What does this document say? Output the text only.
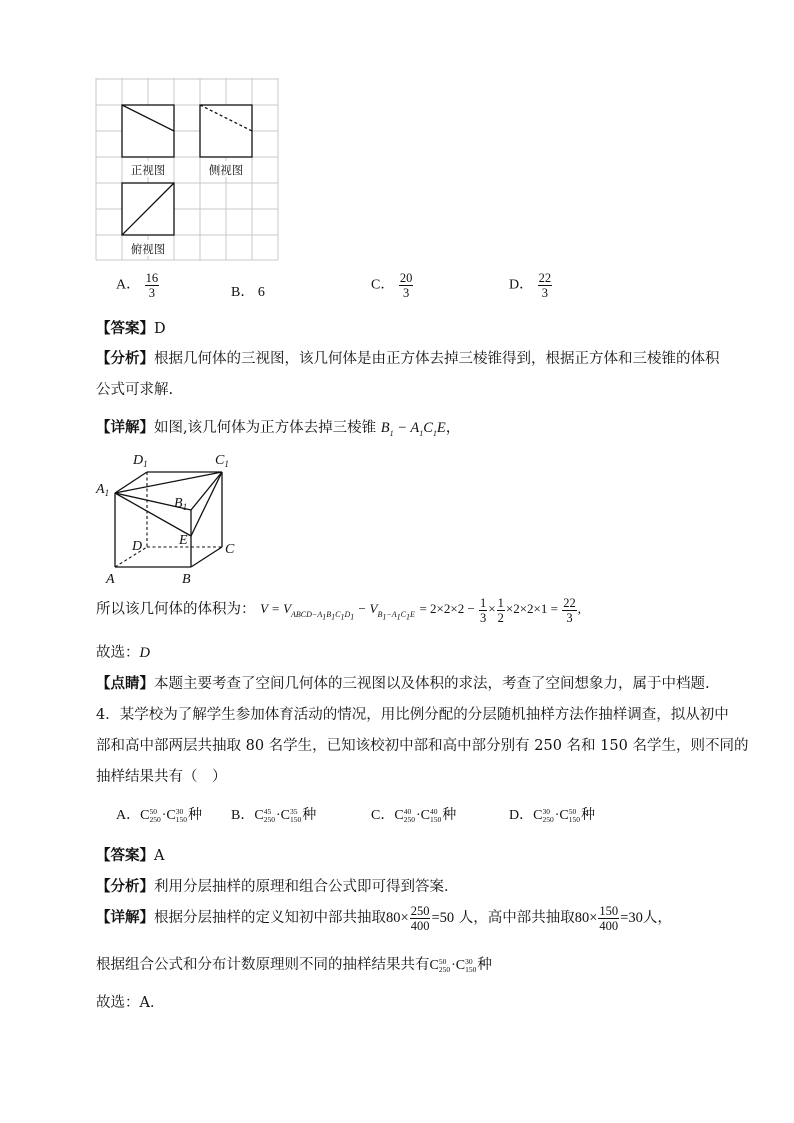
正视图	侧视图
俯视图
A． $\frac{16}{3}$	B． 6	C． $\frac{20}{3}$	D． $\frac{22}{3}$
【答案】D
【分析】根据几何体的三视图，该几何体是由正方体去掉三棱锥得到，根据正方体和三棱锥的体积
公式可求解.
【详解】如图,该几何体为正方体去掉三棱锥 $B_1 - A_1C_1E$，
$D_1$	$C_1$
$A_1$
$B_1$
D	E
C
A	B
所以该几何体的体积为： $V = V_{ABCD-A_1B_1C_1D_1} - V_{B_1-A_1C_1E} = 2\times 2\times 2 - \frac{1}{3} \times \frac{1}{2} \times 2\times 2\times 1 = \frac{22}{3}$ ,
故选：D
【点睛】本题主要考查了空间几何体的三视图以及体积的求法，考查了空间想象力，属于中档题.
4．某学校为了解学生参加体育活动的情况，用比例分配的分层随机抽样方法作抽样调查，拟从初中
部和高中部两层共抽取 80 名学生，已知该校初中部和高中部分别有 250 名和 150 名学生，则不同的
抽样结果共有（　）
A．C 50
250 ·C 30
150 种 B．C 45
250 ·C 35
150 种	C．C 40
250 ·C 40
150 种	D．C 30
250 ·C 50
150 种
【答案】A
【分析】利用分层抽样的原理和组合公式即可得到答案．
【详解】根据分层抽样的定义知初中部共抽取$80\times \frac{250}{400} =50$ 人，高中部共抽取$80\times \frac{150}{400} =30$人，
根据组合公式和分布计数原理则不同的抽样结果共有C 50
250 ·C 30
150 种
故选：A．
